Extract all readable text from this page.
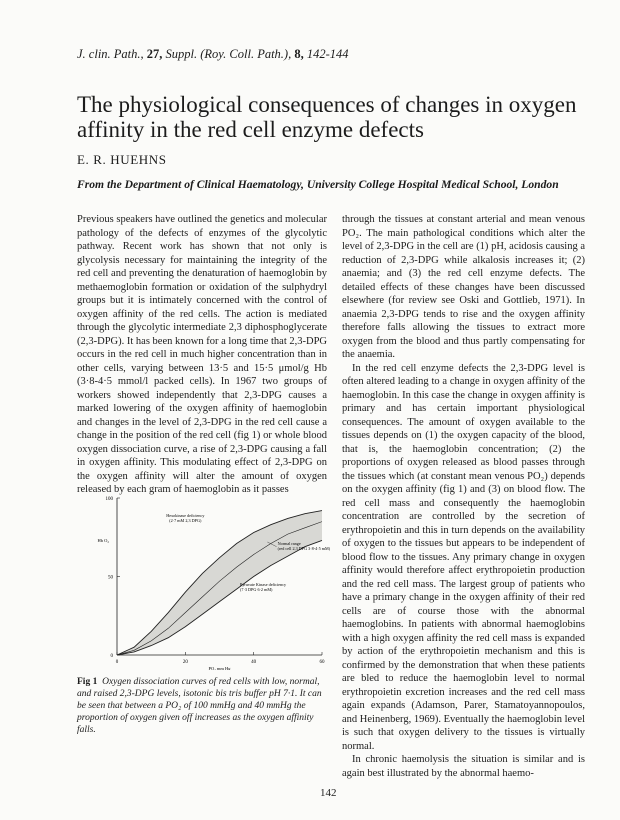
J. clin. Path., 27, Suppl. (Roy. Coll. Path.), 8, 142-144
The physiological consequences of changes in oxygen affinity in the red cell enzyme defects
E. R. HUEHNS
From the Department of Clinical Haematology, University College Hospital Medical School, London

Previous speakers have outlined the genetics and molecular pathology of the defects of enzymes of the glycolytic pathway. Recent work has shown that not only is glycolysis necessary for maintaining the integrity of the red cell and preventing the denaturation of haemoglobin by methaemoglobin formation or oxidation of the sulphydryl groups but it is intimately concerned with the control of oxygen affinity of the red cells. The action is mediated through the glycolytic intermediate 2,3 diphosphoglycerate (2,3-DPG). It has been known for a long time that 2,3-DPG occurs in the red cell in much higher concentration than in other cells, varying between 13·5 and 15·5 μmol/g Hb (3·8-4·5 mmol/l packed cells). In 1967 two groups of workers showed independently that 2,3-DPG causes a marked lowering of the oxygen affinity of haemoglobin and changes in the level of 2,3-DPG in the red cell cause a change in the position of the red cell (fig 1) or whole blood oxygen dissociation curve, a rise of 2,3-DPG causing a fall in oxygen affinity. This modulating effect of 2,3-DPG on the oxygen affinity will alter the amount of oxygen released by each gram of haemoglobin as it passes

0
50
100
0	20	40	60
Hb O₂
PO₂ mm Hg
Hexokinase deficiency
(2·7 mM 2,3 DPG)
Normal range
(red cell 2,3 DPG 3·8-4·5 mM)
Pyruvate Kinase deficiency
(7·3 DPG 6·2 mM)
Fig 1 Oxygen dissociation curves of red cells with low, normal, and raised 2,3-DPG levels, isotonic bis tris buffer pH 7·1. It can be seen that between a PO₂ of 100 mmHg and 40 mmHg the proportion of oxygen given off increases as the oxygen affinity falls.

through the tissues at constant arterial and mean venous PO₂. The main pathological conditions which alter the level of 2,3-DPG in the cell are (1) pH, acidosis causing a reduction of 2,3-DPG while alkalosis increases it; (2) anaemia; and (3) the red cell enzyme defects. The detailed effects of these changes have been discussed elsewhere (for review see Oski and Gottlieb, 1971). In anaemia 2,3-DPG tends to rise and the oxygen affinity therefore falls allowing the tissues to extract more oxygen from the blood and thus partly compensating for the anaemia.

In the red cell enzyme defects the 2,3-DPG level is often altered leading to a change in oxygen affinity of the haemoglobin. In this case the change in oxygen affinity is primary and has certain important physiological consequences. The amount of oxygen available to the tissues depends on (1) the oxygen capacity of the blood, that is, the haemoglobin concentration; (2) the proportions of oxygen released as blood passes through the tissues which (at constant mean venous PO₂) depends on the oxygen affinity (fig 1) and (3) on blood flow. The red cell mass and consequently the haemoglobin concentration are controlled by the secretion of erythropoietin and this in turn depends on the availability of oxygen to the tissues but appears to be independent of blood flow to the tissues. Any primary change in oxygen affinity would therefore affect erythropoietin production and the red cell mass. The largest group of patients who have a primary change in the oxygen affinity of their red cells are of course those with the abnormal haemoglobins. In patients with abnormal haemoglobins with a high oxygen affinity the red cell mass is expanded by action of the erythropoietin mechanism and this is confirmed by the demonstration that when these patients are bled to reduce the haemoglobin level to normal erythropoietin excretion increases and the red cell mass again expands (Adamson, Parer, Stamatoyannopoulos, and Heinenberg, 1969). Eventually the haemoglobin level is such that oxygen delivery to the tissues is virtually normal.

In chronic haemolysis the situation is similar and is again best illustrated by the abnormal haemo-

142
